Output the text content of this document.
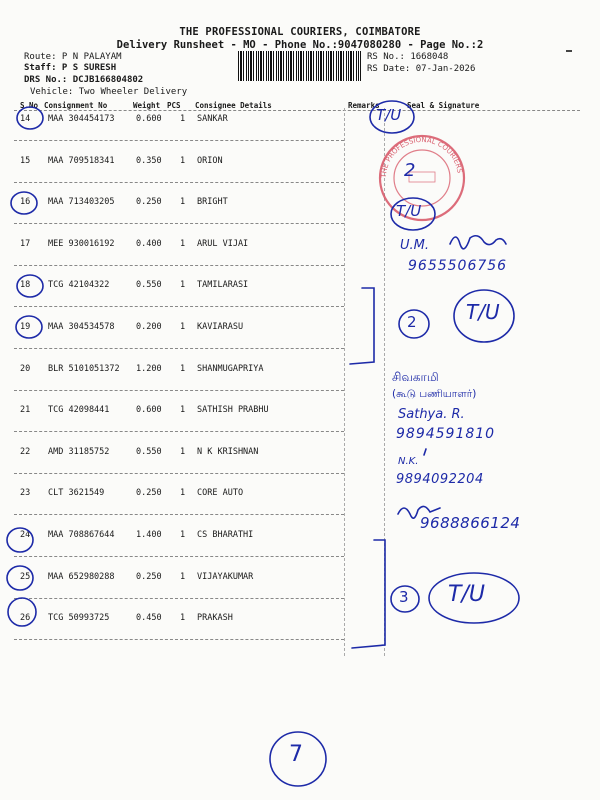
THE PROFESSIONAL COURIERS, COIMBATORE
Delivery Runsheet - MO - Phone No.:9047080280 - Page No.:2
Route: P N PALAYAM
Staff: P S SURESH
DRS No.: DCJB166804802
Vehicle: Two Wheeler Delivery
RS No.: 1668048
RS Date: 07-Jan-2026
S.No Consignment No	Weight PCS Consignee Details	Remarks	Seal & Signature
14 MAA 304454173	0.600 1 SANKAR
15 MAA 709518341	0.350 1 ORION
16 MAA 713403205	0.250 1 BRIGHT
17 MEE 930016192	0.400 1 ARUL VIJAI
18 TCG 42104322	0.550 1 TAMILARASI
19 MAA 304534578	0.200 1 KAVIARASU
20 BLR 5101051372 1.200 1 SHANMUGAPRIYA
21 TCG 42098441	0.600 1 SATHISH PRABHU
22 AMD 31185752	0.550 1 N K KRISHNAN
23 CLT 3621549	0.250 1 CORE AUTO
24 MAA 708867644	1.400 1 CS BHARATHI
25 MAA 652980288	0.250 1 VIJAYAKUMAR
26 TCG 50993725	0.450 1 PRAKASH
THE PROFESSIONAL COURIERS
T/U
2
T/U
U.M.
9655506756
2 T/U
சிவகாமி
(கூடு பணியாளர்)
Sathya. R.
9894591810
N.K.
9894092204
9688866124
3 T/U
7
